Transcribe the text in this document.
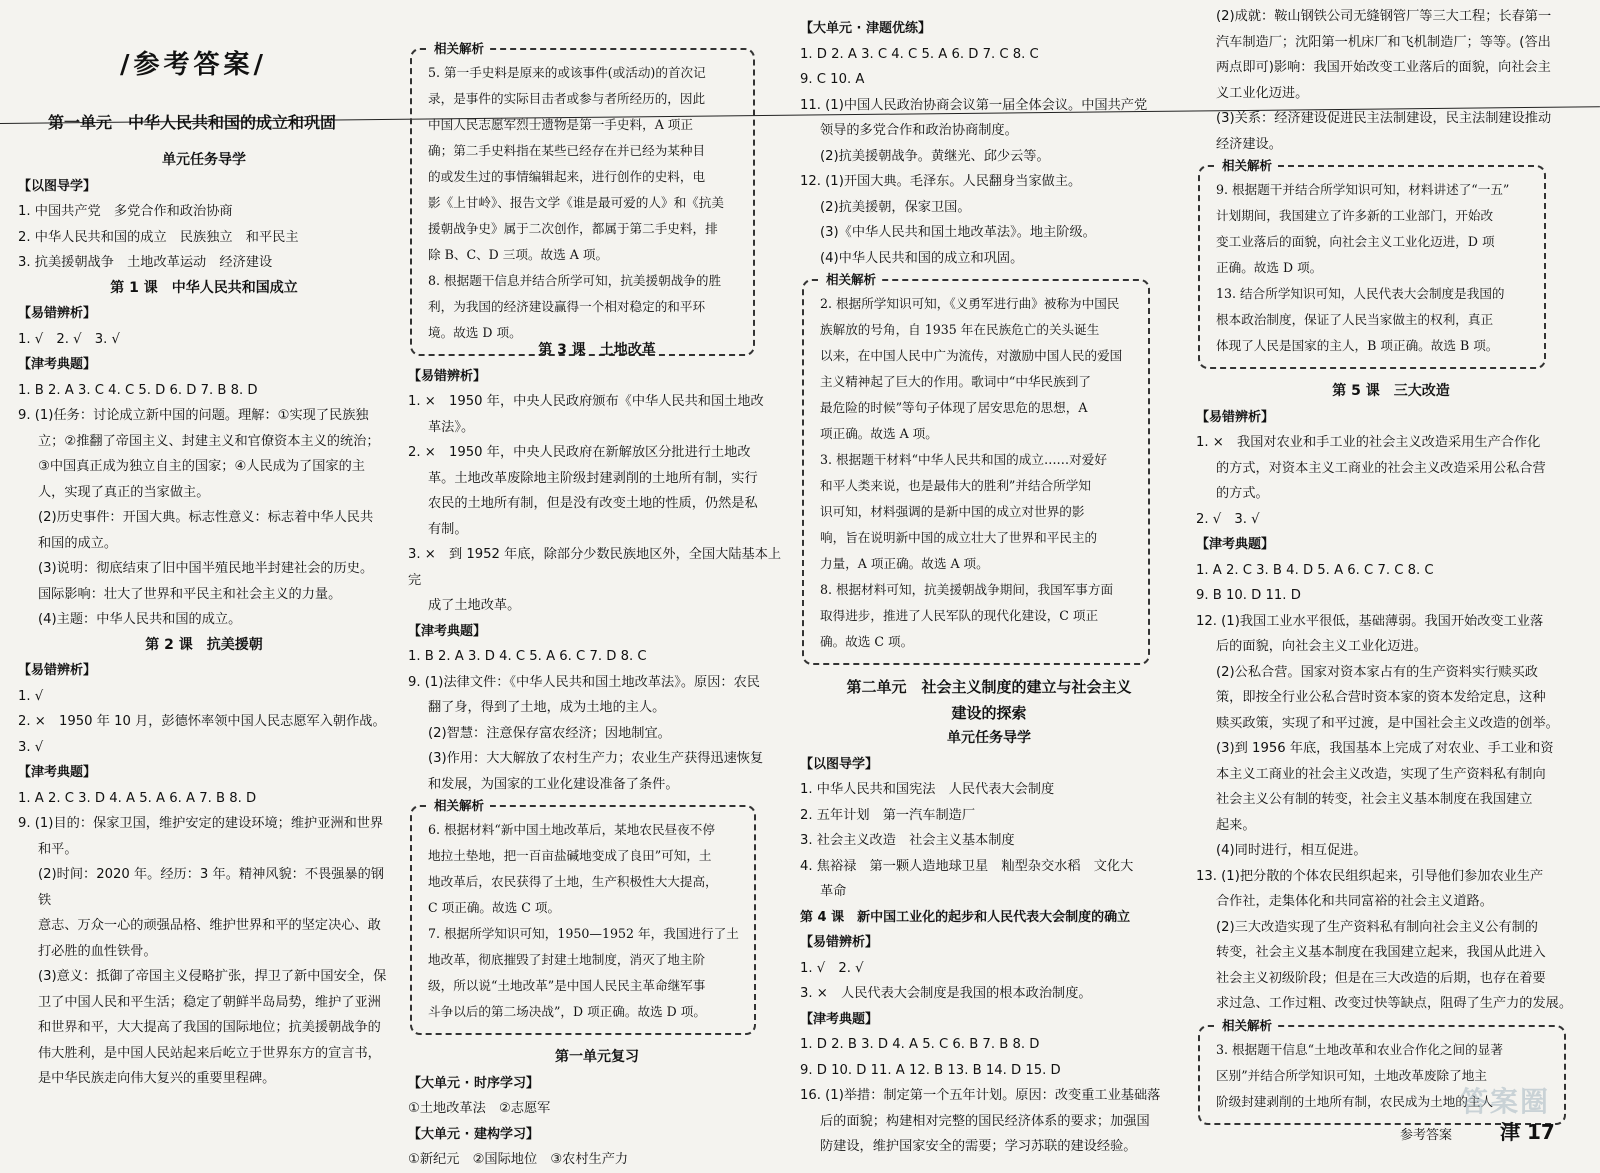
/参考答案/

第一单元　中华人民共和国的成立和巩固

单元任务导学

【以图导学】

1. 中国共产党　多党合作和政治协商

2. 中华人民共和国的成立　民族独立　和平民主

3. 抗美援朝战争　土地改革运动　经济建设

第 1 课　中华人民共和国成立

【易错辨析】

1. √　2. √　3. √

【津考典题】

1. B 2. A 3. C 4. C 5. D 6. D 7. B 8. D

9. (1)任务：讨论成立新中国的问题。理解：①实现了民族独

立；②推翻了帝国主义、封建主义和官僚资本主义的统治；

③中国真正成为独立自主的国家；④人民成为了国家的主

人，实现了真正的当家做主。

(2)历史事件：开国大典。标志性意义：标志着中华人民共

和国的成立。

(3)说明：彻底结束了旧中国半殖民地半封建社会的历史。

国际影响：壮大了世界和平民主和社会主义的力量。

(4)主题：中华人民共和国的成立。

第 2 课　抗美援朝

【易错辨析】

1. √

2. ×　1950 年 10 月，彭德怀率领中国人民志愿军入朝作战。

3. √

【津考典题】

1. A 2. C 3. D 4. A 5. A 6. A 7. B 8. D

9. (1)目的：保家卫国，维护安定的建设环境；维护亚洲和世界

和平。

(2)时间：2020 年。经历：3 年。精神风貌：不畏强暴的钢铁

意志、万众一心的顽强品格、维护世界和平的坚定决心、敢

打必胜的血性铁骨。

(3)意义：抵御了帝国主义侵略扩张，捍卫了新中国安全，保

卫了中国人民和平生活；稳定了朝鲜半岛局势，维护了亚洲

和世界和平，大大提高了我国的国际地位；抗美援朝战争的

伟大胜利，是中国人民站起来后屹立于世界东方的宣言书，

是中华民族走向伟大复兴的重要里程碑。

相关解析

5. 第一手史料是原来的或该事件(或活动)的首次记

录，是事件的实际目击者或参与者所经历的，因此

中国人民志愿军烈士遗物是第一手史料，A 项正

确；第二手史料指在某些已经存在并已经为某种目

的或发生过的事情编辑起来，进行创作的史料，电

影《上甘岭》、报告文学《谁是最可爱的人》和《抗美

援朝战争史》属于二次创作，都属于第二手史料，排

除 B、C、D 三项。故选 A 项。

8. 根据题干信息并结合所学可知，抗美援朝战争的胜

利，为我国的经济建设赢得一个相对稳定的和平环

境。故选 D 项。

第 3 课　土地改革

【易错辨析】

1. ×　1950 年，中央人民政府颁布《中华人民共和国土地改

革法》。

2. ×　1950 年，中央人民政府在新解放区分批进行土地改

革。土地改革废除地主阶级封建剥削的土地所有制，实行

农民的土地所有制，但是没有改变土地的性质，仍然是私

有制。

3. ×　到 1952 年底，除部分少数民族地区外，全国大陆基本上完

成了土地改革。

【津考典题】

1. B 2. A 3. D 4. C 5. A 6. C 7. D 8. C

9. (1)法律文件：《中华人民共和国土地改革法》。原因：农民

翻了身，得到了土地，成为土地的主人。

(2)智慧：注意保存富农经济；因地制宜。

(3)作用：大大解放了农村生产力；农业生产获得迅速恢复

和发展，为国家的工业化建设准备了条件。

相关解析

6. 根据材料“新中国土地改革后，某地农民昼夜不停

地拉土垫地，把一百亩盐碱地变成了良田”可知，土

地改革后，农民获得了土地，生产积极性大大提高，

C 项正确。故选 C 项。

7. 根据所学知识可知，1950—1952 年，我国进行了土

地改革，彻底摧毁了封建土地制度，消灭了地主阶

级，所以说“土地改革”是中国人民民主革命继军事

斗争以后的第二场决战”，D 项正确。故选 D 项。

第一单元复习

【大单元 · 时序学习】

①土地改革法　②志愿军

【大单元 · 建构学习】

①新纪元　②国际地位　③农村生产力

【大单元 · 津题优练】

1. D 2. A 3. C 4. C 5. A 6. D 7. C 8. C

9. C 10. A

11. (1)中国人民政治协商会议第一届全体会议。中国共产党

领导的多党合作和政治协商制度。

(2)抗美援朝战争。黄继光、邱少云等。

12. (1)开国大典。毛泽东。人民翻身当家做主。

(2)抗美援朝，保家卫国。

(3)《中华人民共和国土地改革法》。地主阶级。

(4)中华人民共和国的成立和巩固。

相关解析

2. 根据所学知识可知，《义勇军进行曲》被称为中国民

族解放的号角，自 1935 年在民族危亡的关头诞生

以来，在中国人民中广为流传，对激励中国人民的爱国

主义精神起了巨大的作用。歌词中“中华民族到了

最危险的时候”等句子体现了居安思危的思想，A

项正确。故选 A 项。

3. 根据题干材料“中华人民共和国的成立……对爱好

和平人类来说，也是最伟大的胜利”并结合所学知

识可知，材料强调的是新中国的成立对世界的影

响，旨在说明新中国的成立壮大了世界和平民主的

力量，A 项正确。故选 A 项。

8. 根据材料可知，抗美援朝战争期间，我国军事方面

取得进步，推进了人民军队的现代化建设，C 项正

确。故选 C 项。

第二单元　社会主义制度的建立与社会主义

建设的探索

单元任务导学

【以图导学】

1. 中华人民共和国宪法　人民代表大会制度

2. 五年计划　第一汽车制造厂

3. 社会主义改造　社会主义基本制度

4. 焦裕禄　第一颗人造地球卫星　籼型杂交水稻　文化大

革命

第 4 课　新中国工业化的起步和人民代表大会制度的确立

【易错辨析】

1. √　2. √

3. ×　人民代表大会制度是我国的根本政治制度。

【津考典题】

1. D 2. B 3. D 4. A 5. C 6. B 7. B 8. D

9. D 10. D 11. A 12. B 13. B 14. D 15. D

16. (1)举措：制定第一个五年计划。原因：改变重工业基础落

后的面貌；构建相对完整的国民经济体系的要求；加强国

防建设，维护国家安全的需要；学习苏联的建设经验。

(2)成就：鞍山钢铁公司无缝钢管厂等三大工程；长春第一

汽车制造厂；沈阳第一机床厂和飞机制造厂；等等。(答出

两点即可)影响：我国开始改变工业落后的面貌，向社会主

义工业化迈进。

(3)关系：经济建设促进民主法制建设，民主法制建设推动

经济建设。

相关解析

9. 根据题干并结合所学知识可知，材料讲述了“一五”

计划期间，我国建立了许多新的工业部门，开始改

变工业落后的面貌，向社会主义工业化迈进，D 项

正确。故选 D 项。

13. 结合所学知识可知，人民代表大会制度是我国的

根本政治制度，保证了人民当家做主的权利，真正

体现了人民是国家的主人，B 项正确。故选 B 项。

第 5 课　三大改造

【易错辨析】

1. ×　我国对农业和手工业的社会主义改造采用生产合作化

的方式，对资本主义工商业的社会主义改造采用公私合营

的方式。

2. √　3. √

【津考典题】

1. A 2. C 3. B 4. D 5. A 6. C 7. C 8. C

9. B 10. D 11. D

12. (1)我国工业水平很低，基础薄弱。我国开始改变工业落

后的面貌，向社会主义工业化迈进。

(2)公私合营。国家对资本家占有的生产资料实行赎买政

策，即按全行业公私合营时资本家的资本发给定息，这种

赎买政策，实现了和平过渡，是中国社会主义改造的创举。

(3)到 1956 年底，我国基本上完成了对农业、手工业和资

本主义工商业的社会主义改造，实现了生产资料私有制向

社会主义公有制的转变，社会主义基本制度在我国建立

起来。

(4)同时进行，相互促进。

13. (1)把分散的个体农民组织起来，引导他们参加农业生产

合作社，走集体化和共同富裕的社会主义道路。

(2)三大改造实现了生产资料私有制向社会主义公有制的

转变，社会主义基本制度在我国建立起来，我国从此进入

社会主义初级阶段；但是在三大改造的后期，也存在着要

求过急、工作过粗、改变过快等缺点，阻碍了生产力的发展。

相关解析

3. 根据题干信息“土地改革和农业合作化之间的显著

区别”并结合所学知识可知，土地改革废除了地主

阶级封建剥削的土地所有制，农民成为土地的主人

答案圈
参考答案 津 17
